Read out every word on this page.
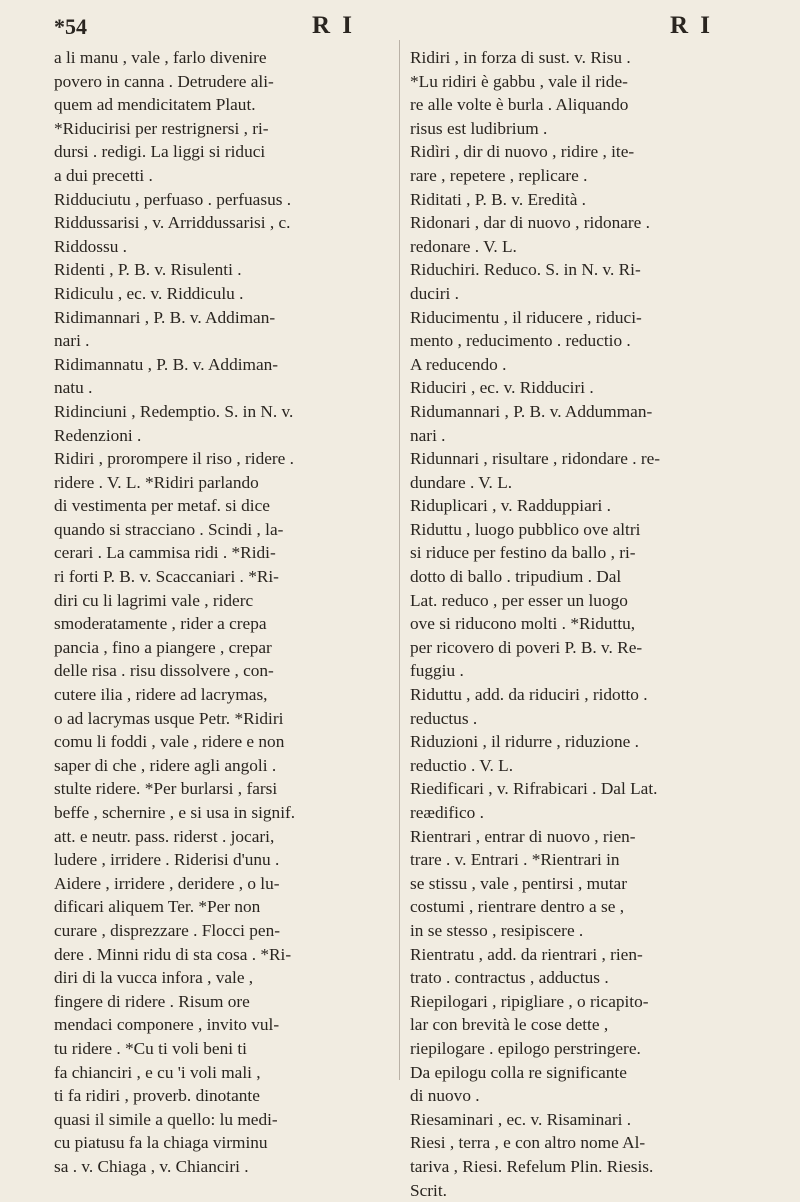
*54	R I	R I
a li manu , vale , farlo divenire
povero in canna . Detrudere ali-
quem ad mendicitatem Plaut.
*Riducirisi per restrignersi , ri-
dursi . redigi. La liggi si riduci
a dui precetti .
Ridduciutu , perfuaso . perfuasus .
Riddussarisi , v. Arriddussarisi , c.
Riddossu .
Ridenti , P. B. v. Risulenti .
Ridiculu , ec. v. Riddiculu .
Ridimannari , P. B. v. Addiman-
nari .
Ridimannatu , P. B. v. Addiman-
natu .
Ridinciuni , Redemptio. S. in N. v.
Redenzioni .
Ridiri , prorompere il riso , ridere .
ridere . V. L. *Ridiri parlando
di vestimenta per metaf. si dice
quando si stracciano . Scindi , la-
cerari . La cammisa ridi . *Ridi-
ri forti P. B. v. Scaccaniari . *Ri-
diri cu li lagrimi vale , riderc
smoderatamente , rider a crepa
pancia , fino a piangere , crepar
delle risa . risu dissolvere , con-
cutere ilia , ridere ad lacrymas,
o ad lacrymas usque Petr. *Ridiri
comu li foddi , vale , ridere e non
saper di che , ridere agli angoli .
stulte ridere. *Per burlarsi , farsi
beffe , schernire , e si usa in signif.
att. e neutr. pass. riderst . jocari,
ludere , irridere . Riderisi d'unu .
Aidere , irridere , deridere , o lu-
dificari aliquem Ter. *Per non
curare , disprezzare . Flocci pen-
dere . Minni ridu di sta cosa . *Ri-
diri di la vucca infora , vale ,
fingere di ridere . Risum ore
mendaci componere , invito vul-
tu ridere . *Cu ti voli beni ti
fa chianciri , e cu 'i voli mali ,
ti fa ridiri , proverb. dinotante
quasi il simile a quello: lu medi-
cu piatusu fa la chiaga virminu
sa . v. Chiaga , v. Chianciri .
Ridiri , in forza di sust. v. Risu .
*Lu ridiri è gabbu , vale il ride-
re alle volte è burla . Aliquando
risus est ludibrium .
Ridìri , dir di nuovo , ridire , ite-
rare , repetere , replicare .
Riditati , P. B. v. Eredità .
Ridonari , dar di nuovo , ridonare .
redonare . V. L.
Riduchiri. Reduco. S. in N. v. Ri-
duciri .
Riducimentu , il riducere , riduci-
mento , reducimento . reductio .
A reducendo .
Riduciri , ec. v. Ridduciri .
Ridumannari , P. B. v. Addumman-
nari .
Ridunnari , risultare , ridondare . re-
dundare . V. L.
Riduplicari , v. Radduppiari .
Riduttu , luogo pubblico ove altri
si riduce per festino da ballo , ri-
dotto di ballo . tripudium . Dal
Lat. reduco , per esser un luogo
ove si riducono molti . *Riduttu,
per ricovero di poveri P. B. v. Re-
fuggiu .
Riduttu , add. da riduciri , ridotto .
reductus .
Riduzioni , il ridurre , riduzione .
reductio . V. L.
Riedificari , v. Rifrabicari . Dal Lat.
reædifico .
Rientrari , entrar di nuovo , rien-
trare . v. Entrari . *Rientrari in
se stissu , vale , pentirsi , mutar
costumi , rientrare dentro a se ,
in se stesso , resipiscere .
Rientratu , add. da rientrari , rien-
trato . contractus , adductus .
Riepilogari , ripigliare , o ricapito-
lar con brevità le cose dette ,
riepilogare . epilogo perstringere.
Da epilogu colla re significante
di nuovo .
Riesaminari , ec. v. Risaminari .
Riesi , terra , e con altro nome Al-
tariva , Riesi. Refelum Plin. Riesis.
Scrit.
